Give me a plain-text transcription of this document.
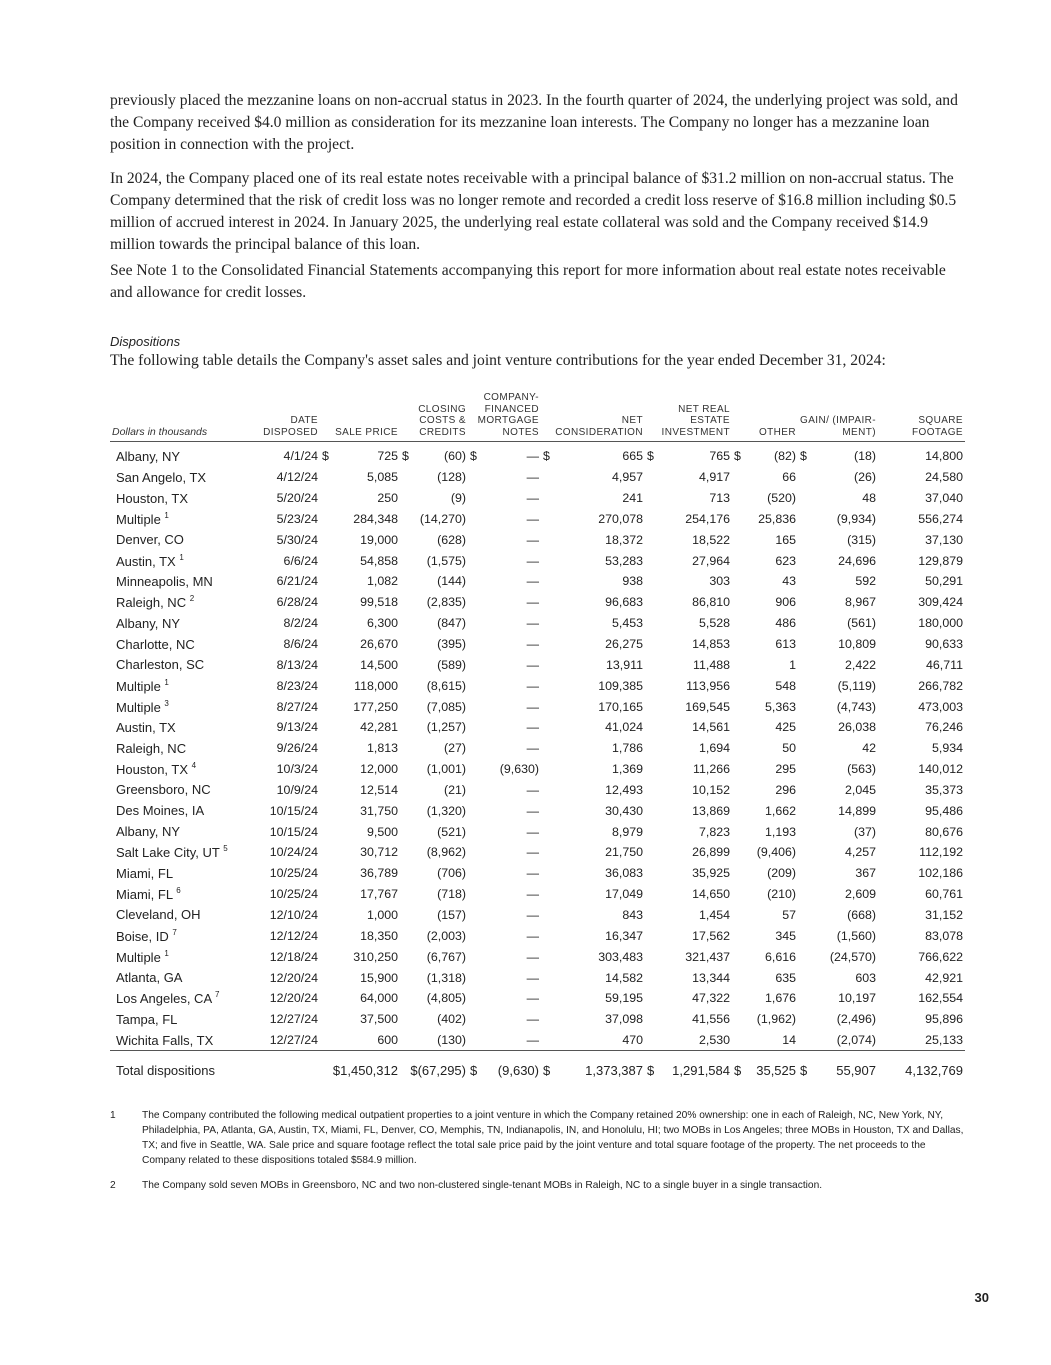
previously placed the mezzanine loans on non-accrual status in 2023. In the fourth quarter of 2024, the underlying project was sold, and the Company received $4.0 million as consideration for its mezzanine loan interests. The Company no longer has a mezzanine loan position in connection with the project.

In 2024, the Company placed one of its real estate notes receivable with a principal balance of $31.2 million on non-accrual status. The Company determined that the risk of credit loss was no longer remote and recorded a credit loss reserve of $16.8 million including $0.5 million of accrued interest in 2024. In January 2025, the underlying real estate collateral was sold and the Company received $14.9 million towards the principal balance of this loan.

See Note 1 to the Consolidated Financial Statements accompanying this report for more information about real estate notes receivable and allowance for credit losses.

Dispositions

The following table details the Company's asset sales and joint venture contributions for the year ended December 31, 2024:

Dollars in thousands	DATE DISPOSED	SALE PRICE	CLOSING COSTS & CREDITS	COMPANY-FINANCED MORTGAGE NOTES	NET CONSIDERATION	NET REAL ESTATE INVESTMENT	OTHER	GAIN/ (IMPAIR-MENT)	SQUARE FOOTAGE
Albany, NY	4/1/24	$ 725	$ (60)	$ —	$ 665	$ 765	$ (82)	$ (18)	14,800
San Angelo, TX	4/12/24	5,085	(128)	—	4,957	4,917	66	(26)	24,580
Houston, TX	5/20/24	250	(9)	—	241	713	(520)	48	37,040
Multiple $^1$	5/23/24	284,348	(14,270)	—	270,078	254,176	25,836	(9,934)	556,274
Denver, CO	5/30/24	19,000	(628)	—	18,372	18,522	165	(315)	37,130
Austin, TX $^1$	6/6/24	54,858	(1,575)	—	53,283	27,964	623	24,696	129,879
Minneapolis, MN	6/21/24	1,082	(144)	—	938	303	43	592	50,291
Raleigh, NC $^2$	6/28/24	99,518	(2,835)	—	96,683	86,810	906	8,967	309,424
Albany, NY	8/2/24	6,300	(847)	—	5,453	5,528	486	(561)	180,000
Charlotte, NC	8/6/24	26,670	(395)	—	26,275	14,853	613	10,809	90,633
Charleston, SC	8/13/24	14,500	(589)	—	13,911	11,488	1	2,422	46,711
Multiple $^1$	8/23/24	118,000	(8,615)	—	109,385	113,956	548	(5,119)	266,782
Multiple $^3$	8/27/24	177,250	(7,085)	—	170,165	169,545	5,363	(4,743)	473,003
Austin, TX	9/13/24	42,281	(1,257)	—	41,024	14,561	425	26,038	76,246
Raleigh, NC	9/26/24	1,813	(27)	—	1,786	1,694	50	42	5,934
Houston, TX $^4$	10/3/24	12,000	(1,001)	(9,630)	1,369	11,266	295	(563)	140,012
Greensboro, NC	10/9/24	12,514	(21)	—	12,493	10,152	296	2,045	35,373
Des Moines, IA	10/15/24	31,750	(1,320)	—	30,430	13,869	1,662	14,899	95,486
Albany, NY	10/15/24	9,500	(521)	—	8,979	7,823	1,193	(37)	80,676
Salt Lake City, UT $^5$	10/24/24	30,712	(8,962)	—	21,750	26,899	(9,406)	4,257	112,192
Miami, FL	10/25/24	36,789	(706)	—	36,083	35,925	(209)	367	102,186
Miami, FL $^6$	10/25/24	17,767	(718)	—	17,049	14,650	(210)	2,609	60,761
Cleveland, OH	12/10/24	1,000	(157)	—	843	1,454	57	(668)	31,152
Boise, ID $^7$	12/12/24	18,350	(2,003)	—	16,347	17,562	345	(1,560)	83,078
Multiple $^1$	12/18/24	310,250	(6,767)	—	303,483	321,437	6,616	(24,570)	766,622
Atlanta, GA	12/20/24	15,900	(1,318)	—	14,582	13,344	635	603	42,921
Los Angeles, CA $^7$	12/20/24	64,000	(4,805)	—	59,195	47,322	1,676	10,197	162,554
Tampa, FL	12/27/24	37,500	(402)	—	37,098	41,556	(1,962)	(2,496)	95,896
Wichita Falls, TX	12/27/24	600	(130)	—	470	2,530	14	(2,074)	25,133
Total dispositions		$1,450,312	$(67,295)	$ (9,630)	$ 1,373,387	$ 1,291,584	$ 35,525	$ 55,907	4,132,769
1	The Company contributed the following medical outpatient properties to a joint venture in which the Company retained 20% ownership: one in each of Raleigh, NC, New York, NY, Philadelphia, PA, Atlanta, GA, Austin, TX, Miami, FL, Denver, CO, Memphis, TN, Indianapolis, IN, and Honolulu, HI; two MOBs in Los Angeles; three MOBs in Houston, TX and Dallas, TX; and five in Seattle, WA. Sale price and square footage reflect the total sale price paid by the joint venture and total square footage of the property. The net proceeds to the Company related to these dispositions totaled $584.9 million.
2	The Company sold seven MOBs in Greensboro, NC and two non-clustered single-tenant MOBs in Raleigh, NC to a single buyer in a single transaction.

30
